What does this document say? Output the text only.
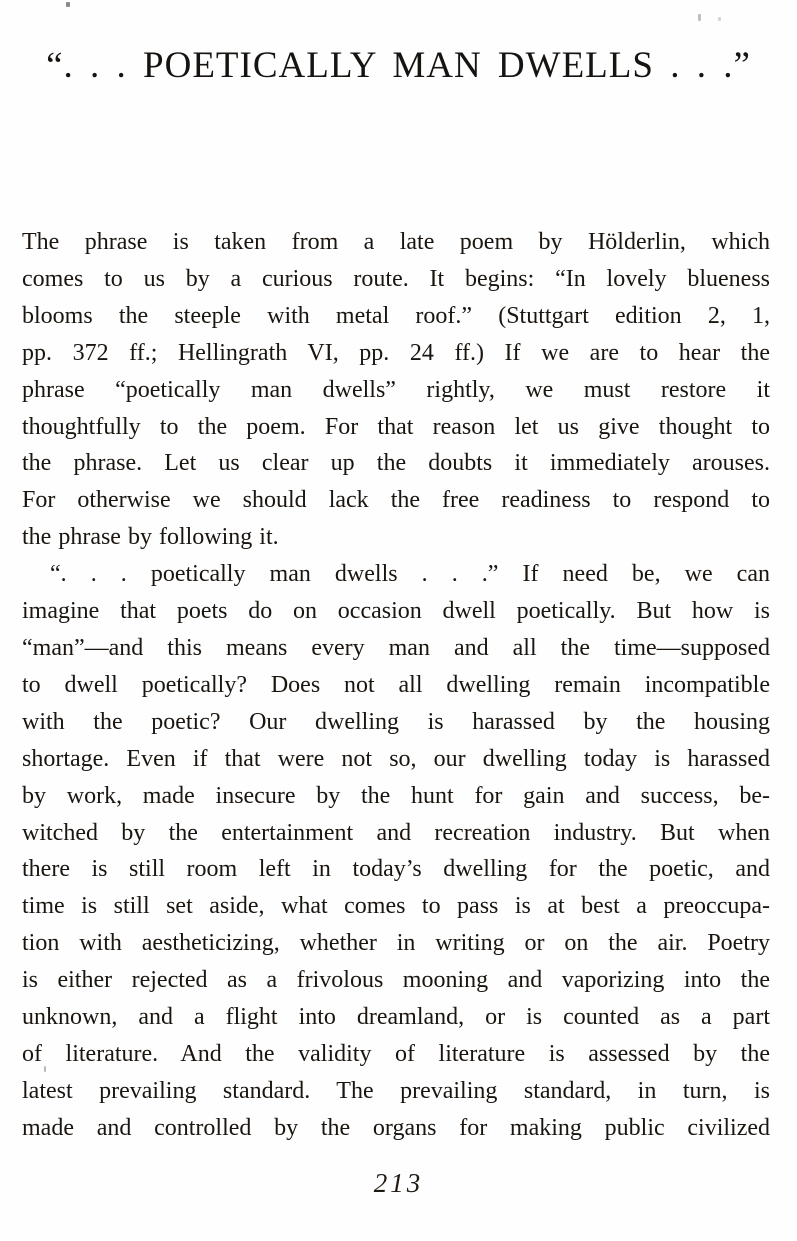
“. . . POETICALLY MAN DWELLS . . .”
The phrase is taken from a late poem by Hölderlin, which
comes to us by a curious route. It begins: “In lovely blueness
blooms the steeple with metal roof.” (Stuttgart edition 2, 1,
pp. 372 ff.; Hellingrath VI, pp. 24 ff.) If we are to hear the
phrase “poetically man dwells” rightly, we must restore it
thoughtfully to the poem. For that reason let us give thought to
the phrase. Let us clear up the doubts it immediately arouses.
For otherwise we should lack the free readiness to respond to
the phrase by following it.
“. . . poetically man dwells . . .” If need be, we can
imagine that poets do on occasion dwell poetically. But how is
“man”—and this means every man and all the time—supposed
to dwell poetically? Does not all dwelling remain incompatible
with the poetic? Our dwelling is harassed by the housing
shortage. Even if that were not so, our dwelling today is harassed
by work, made insecure by the hunt for gain and success, be-
witched by the entertainment and recreation industry. But when
there is still room left in today’s dwelling for the poetic, and
time is still set aside, what comes to pass is at best a preoccupa-
tion with aestheticizing, whether in writing or on the air. Poetry
is either rejected as a frivolous mooning and vaporizing into the
unknown, and a flight into dreamland, or is counted as a part
of literature. And the validity of literature is assessed by the
latest prevailing standard. The prevailing standard, in turn, is
made and controlled by the organs for making public civilized
213
